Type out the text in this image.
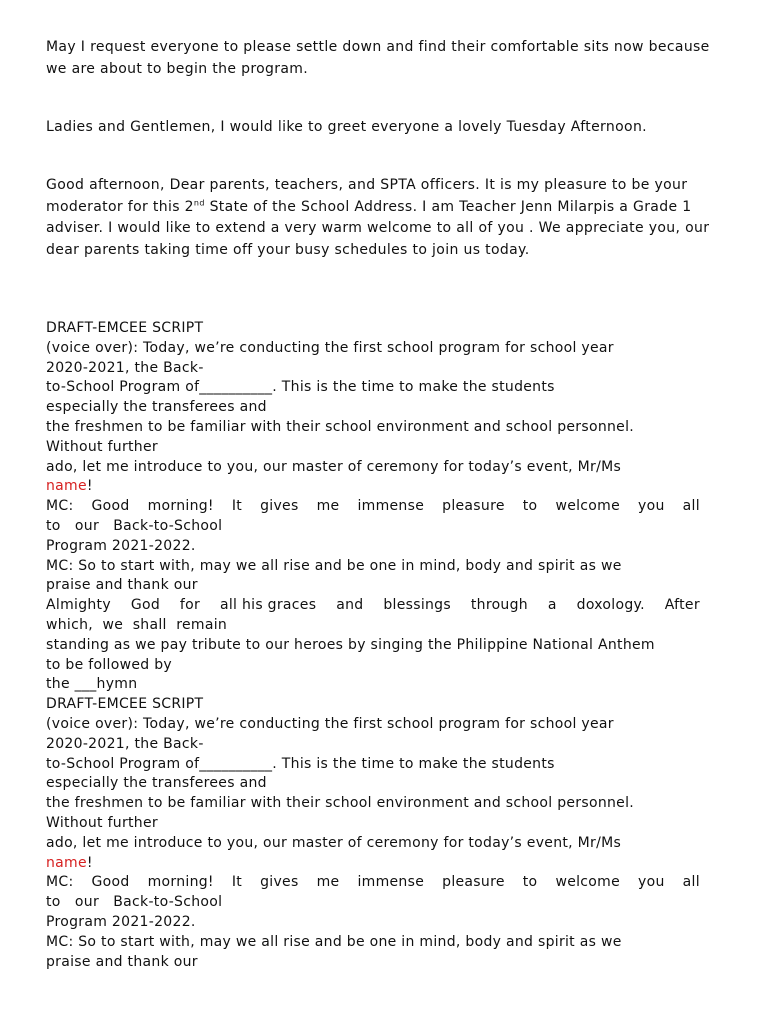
May I request everyone to please settle down and find their comfortable sits now because we are about to begin the program.
Ladies and Gentlemen, I would like to greet everyone a lovely Tuesday Afternoon.
Good afternoon, Dear parents, teachers, and SPTA officers. It is my pleasure to be your moderator for this 2nd State of the School Address. I am Teacher Jenn Milarpis a Grade 1 adviser. I would like to extend a very warm welcome to all of you . We appreciate you, our dear parents taking time off your busy schedules to join us today.
DRAFT-EMCEE SCRIPT
(voice over): Today, we’re conducting the first school program for school year
2020-2021, the Back-
to-School Program of__________. This is the time to make the students
especially the transferees and
the freshmen to be familiar with their school environment and school personnel.
Without further
ado, let me introduce to you, our master of ceremony for today’s event, Mr/Ms
name!
MC: Good morning! It gives me immense pleasure to welcome you all
to   our   Back-to-School
Program 2021-2022.
MC: So to start with, may we all rise and be one in mind, body and spirit as we
praise and thank our
Almighty God for all his graces and blessings through a doxology. After
which,  we  shall  remain
standing as we pay tribute to our heroes by singing the Philippine National Anthem
to be followed by
the ___hymn
DRAFT-EMCEE SCRIPT
(voice over): Today, we’re conducting the first school program for school year
2020-2021, the Back-
to-School Program of__________. This is the time to make the students
especially the transferees and
the freshmen to be familiar with their school environment and school personnel.
Without further
ado, let me introduce to you, our master of ceremony for today’s event, Mr/Ms
name!
MC: Good morning! It gives me immense pleasure to welcome you all
to   our   Back-to-School
Program 2021-2022.
MC: So to start with, may we all rise and be one in mind, body and spirit as we
praise and thank our
